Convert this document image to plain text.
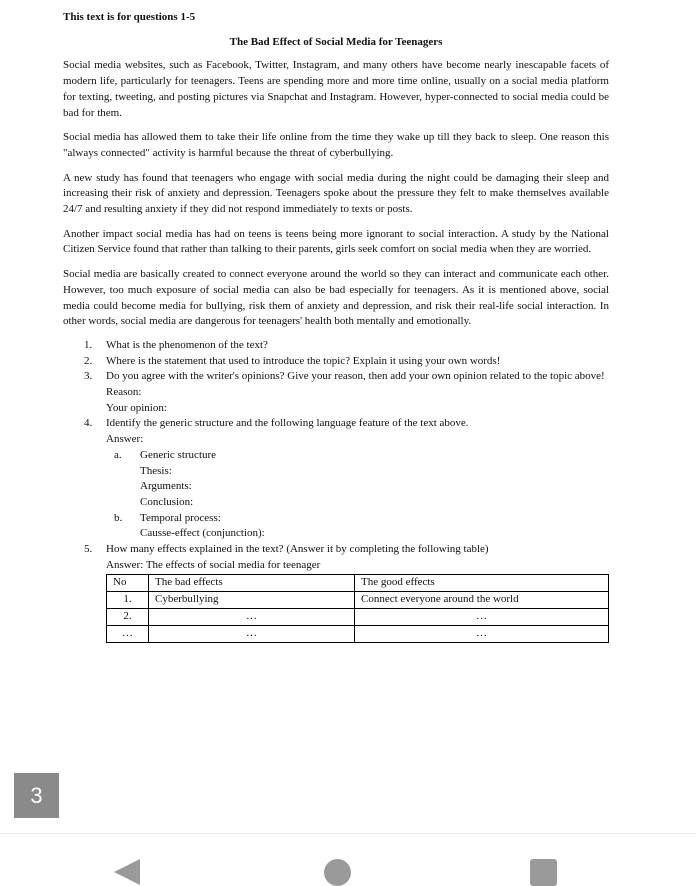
This text is for questions 1-5

The Bad Effect of Social Media for Teenagers

Social media websites, such as Facebook, Twitter, Instagram, and many others have become nearly inescapable facets of modern life, particularly for teenagers. Teens are spending more and more time online, usually on a social media platform for texting, tweeting, and posting pictures via Snapchat and Instagram. However, hyper-connected to social media could be bad for them.

Social media has allowed them to take their life online from the time they wake up till they back to sleep. One reason this "always connected" activity is harmful because the threat of cyberbullying.

A new study has found that teenagers who engage with social media during the night could be damaging their sleep and increasing their risk of anxiety and depression. Teenagers spoke about the pressure they felt to make themselves available 24/7 and resulting anxiety if they did not respond immediately to texts or posts.

Another impact social media has had on teens is teens being more ignorant to social interaction. A study by the National Citizen Service found that rather than talking to their parents, girls seek comfort on social media when they are worried.

Social media are basically created to connect everyone around the world so they can interact and communicate each other. However, too much exposure of social media can also be bad especially for teenagers. As it is mentioned above, social media could become media for bullying, risk them of anxiety and depression, and risk their real-life social interaction. In other words, social media are dangerous for teenagers' health both mentally and emotionally.

1. What is the phenomenon of the text?
2. Where is the statement that used to introduce the topic? Explain it using your own words!
3. Do you agree with the writer's opinions? Give your reason, then add your own opinion related to the topic above!
Reason:
Your opinion:
4. Identify the generic structure and the following language feature of the text above.
Answer:
a. Generic structure
Thesis:
Arguments:
Conclusion:
b. Temporal process:
Causse-effect (conjunction):
5. How many effects explained in the text? (Answer it by completing the following table)
Answer: The effects of social media for teenager
No	The bad effects	The good effects
1.	Cyberbullying	Connect everyone around the world
2.	…	…
…	…	…
3
